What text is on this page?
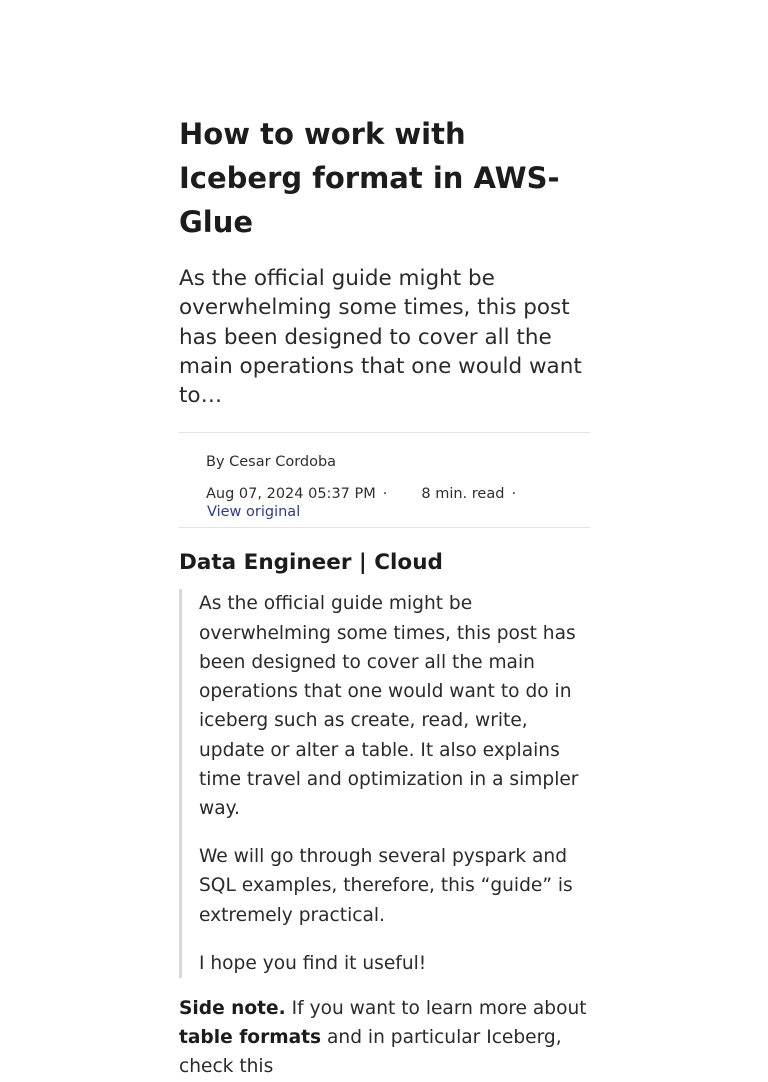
How to work with Iceberg format in AWS-Glue

As the official guide might be overwhelming some times, this post has been designed to cover all the main operations that one would want to…

By Cesar Cordoba
Aug 07, 2024 05:37 PM · 8 min. read ·
View original
Data Engineer | Cloud

As the official guide might be overwhelming some times, this post has been designed to cover all the main operations that one would want to do in iceberg such as create, read, write, update or alter a table. It also explains time travel and optimization in a simpler way.

We will go through several pyspark and SQL examples, therefore, this “guide” is extremely practical.

I hope you find it useful!

Side note. If you want to learn more about table formats and in particular Iceberg, check this
